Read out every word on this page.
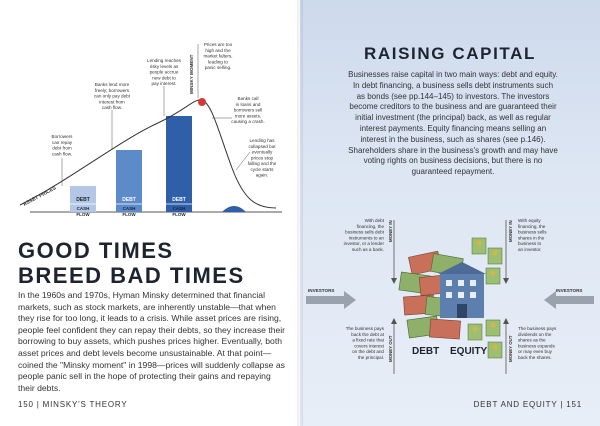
DEBT	DEBT	DEBT
CASH
FLOW
CASH
FLOW
CASH
FLOW
ASSET PRICES
MINSKY MOMENT
Borrowers can repay debt from cash flow.
Banks lend more freely; borrowers can only pay debt interest from cash flow.
Lending reaches risky levels as people accrue new debt to pay interest.
Prices are too high and the market falters, leading to panic selling.
Banks call in loans and borrowers sell more assets, causing a crash.
Lending has collapsed but eventually prices stop falling and the cycle starts again.
GOOD TIMES
BREED BAD TIMES

In the 1960s and 1970s, Hyman Minsky determined that financial markets, such as stock markets, are inherently unstable—that when they rise for too long, it leads to a crisis. While asset prices are rising, people feel confident they can repay their debts, so they increase their borrowing to buy assets, which pushes prices higher. Eventually, both asset prices and debt levels become unsustainable. At that point—coined the "Minsky moment" in 1998—prices will suddenly collapse as people panic sell in the hope of protecting their gains and repaying their debts.

150 | MINSKY'S THEORY
RAISING CAPITAL

Businesses raise capital in two main ways: debt and equity. In debt financing, a business sells debt instruments such as bonds (see pp.144–145) to investors. The investors become creditors to the business and are guaranteed their initial investment (the principal) back, as well as regular interest payments. Equity financing means selling an interest in the business, such as shares (see p.146). Shareholders share in the business's growth and may have voting rights on business decisions, but there is no guaranteed repayment.

With debt financing, the business sells debt instruments to an investor, or a lender such as a bank.
The business pays back the debt at a fixed rate that covers interest on the debt and the principal.
With equity financing, the business sells shares in the business to an investor.
The business pays dividends on the shares as the business expands or may even buy back the shares.
MONEY IN
MONEY OUT
MONEY IN
MONEY OUT
INVESTORS	INVESTORS
DEBT EQUITY
DEBT AND EQUITY | 151
